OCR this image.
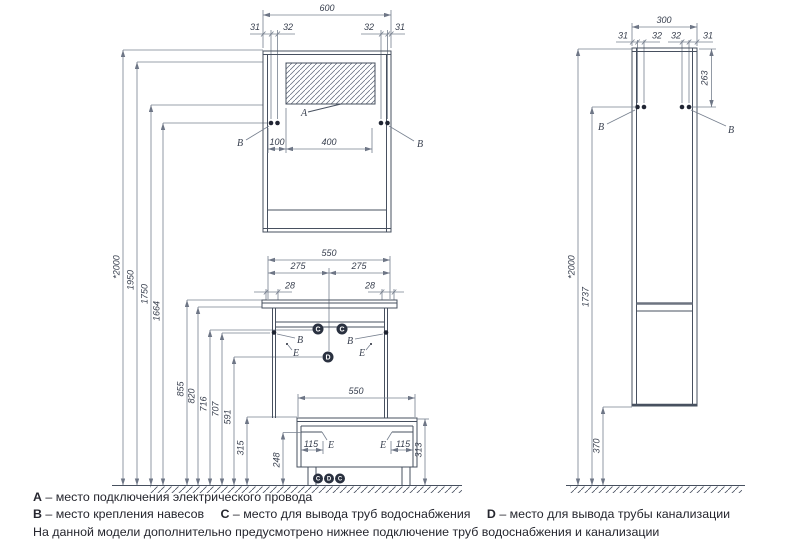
*2000
1950
1750
1664
855 820
716 707
591
315
600
31	32	32 31
A
B	B
100	400
550
275	275
28	28
C	C
B	B
E	E
D
550
E	E
115	115
248
313
C D C
300
31	32 32 31
B	B
263
*2000
1737
370
A – место подключения электрического провода
B – место крепления навесов C – место для вывода труб водоснабжения D – место для вывода трубы канализации
На данной модели дополнительно предусмотрено нижнее подключение труб водоснабжения и канализации
